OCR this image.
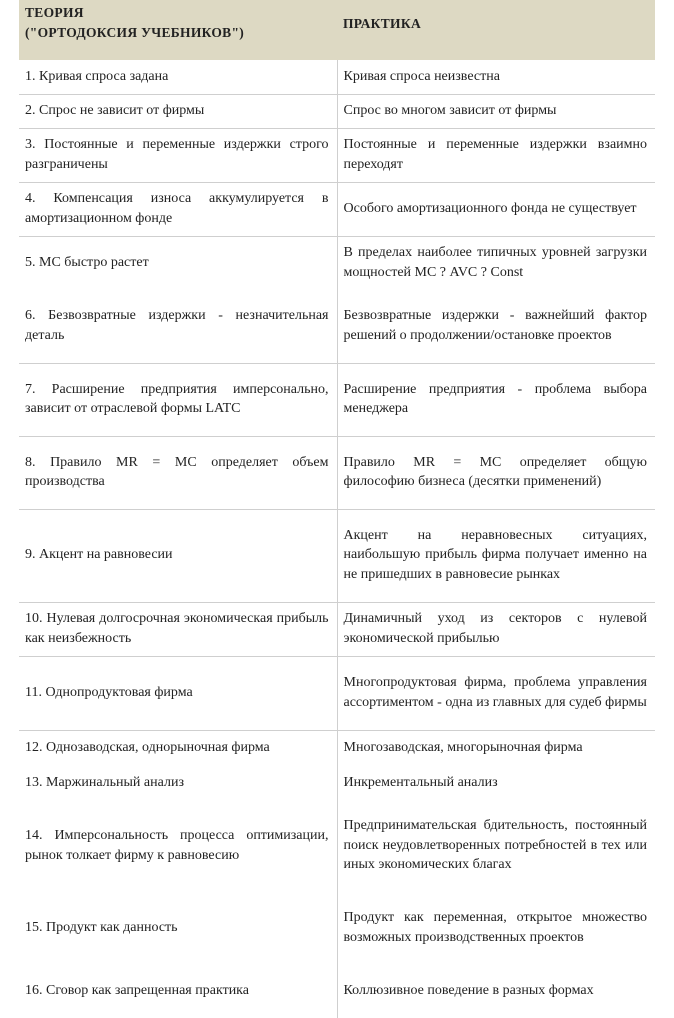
ТЕОРИЯ
("ОРТОДОКСИЯ УЧЕБНИКОВ")	ПРАКТИКА
1. Кривая спроса задана	Кривая спроса неизвестна
2. Спрос не зависит от фирмы	Спрос во многом зависит от фирмы
3. Постоянные и переменные издержки строго разграничены	Постоянные и переменные издержки взаимно переходят
4. Компенсация износа аккумулируется в амортизационном фонде	Особого амортизационного фонда не существует
5. МС быстро растет	В пределах наиболее типичных уровней загрузки мощностей МС ? AVC ? Const
6. Безвозвратные издержки - незначительная деталь	Безвозвратные издержки - важнейший фактор решений о продолжении/остановке проектов
7. Расширение предприятия имперсонально, зависит от отраслевой формы LATC	Расширение предприятия - проблема выбора менеджера
8. Правило MR = MC определяет объем производства	Правило MR = MC определяет общую философию бизнеса (десятки применений)
9. Акцент на равновесии	Акцент на неравновесных ситуациях, наибольшую прибыль фирма получает именно на не пришедших в равновесие рынках
10. Нулевая долгосрочная экономическая прибыль как неизбежность	Динамичный уход из секторов с нулевой экономической прибылью
11. Однопродуктовая фирма	Многопродуктовая фирма, проблема управления ассортиментом - одна из главных для судеб фирмы
12. Однозаводская, однорыночная фирма	Многозаводская, многорыночная фирма
13. Маржинальный анализ	Инкрементальный анализ
14. Имперсональность процесса оптимизации, рынок толкает фирму к равновесию	Предпринимательская бдительность, постоянный поиск неудовлетворенных потребностей в тех или иных экономических благах
15. Продукт как данность	Продукт как переменная, открытое множество возможных производственных проектов
16. Сговор как запрещенная практика	Коллюзивное поведение в разных формах
